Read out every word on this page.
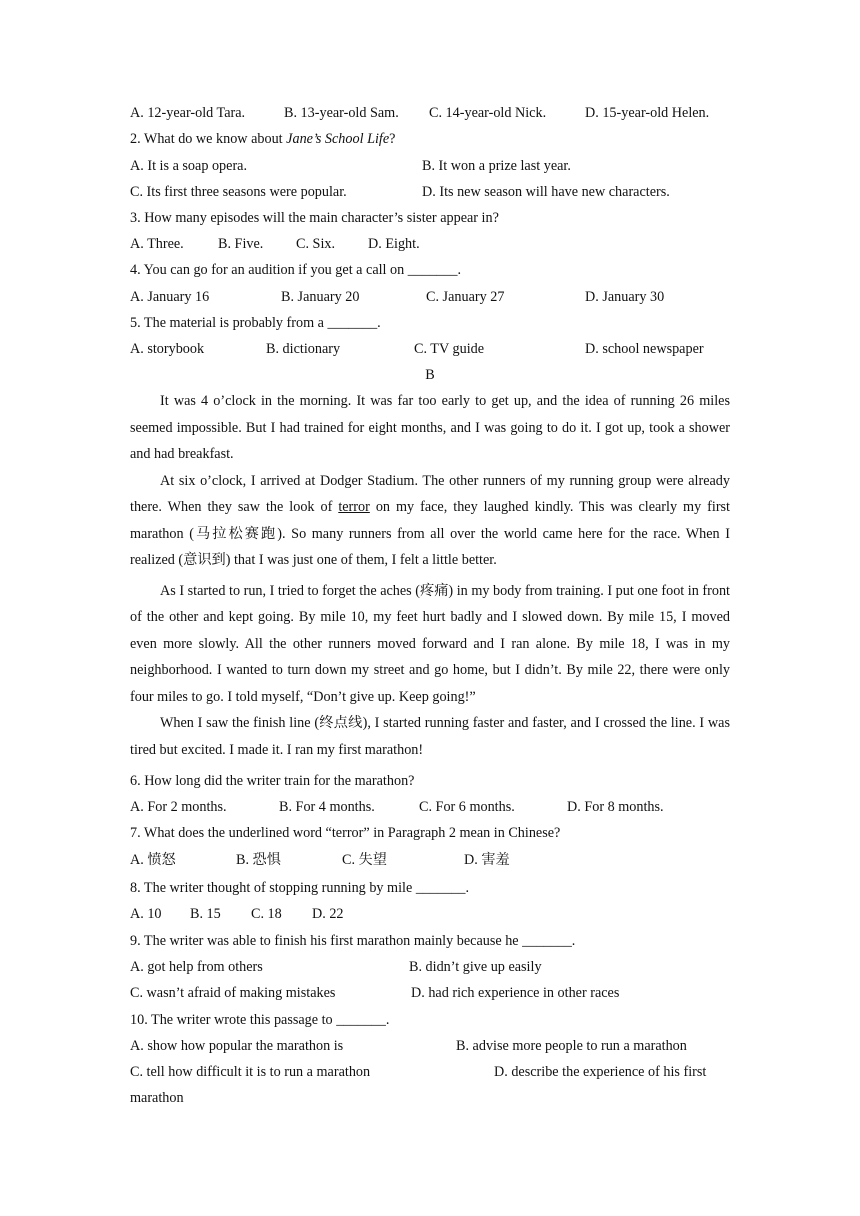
A. 12-year-old Tara.	B. 13-year-old Sam. C. 14-year-old Nick.	D. 15-year-old Helen.
2. What do we know about Jane’s School Life?
A. It is a soap opera.	B. It won a prize last year.
C. Its first three seasons were popular.	D. Its new season will have new characters.
3. How many episodes will the main character’s sister appear in?
A. Three. B. Five. C. Six. D. Eight.
4. You can go for an audition if you get a call on _______.
A. January 16	B. January 20	C. January 27	D. January 30
5. The material is probably from a _______.
A. storybook	B. dictionary	C. TV guide	D. school newspaper
B

It was 4 o’clock in the morning. It was far too early to get up, and the idea of running 26 miles seemed impossible. But I had trained for eight months, and I was going to do it. I got up, took a shower and had breakfast.

At six o’clock, I arrived at Dodger Stadium. The other runners of my running group were already there. When they saw the look of terror on my face, they laughed kindly. This was clearly my first marathon (马拉松赛跑). So many runners from all over the world came here for the race. When I realized (意识到) that I was just one of them, I felt a little better.

As I started to run, I tried to forget the aches (疼痛) in my body from training. I put one foot in front of the other and kept going. By mile 10, my feet hurt badly and I slowed down. By mile 15, I moved even more slowly. All the other runners moved forward and I ran alone. By mile 18, I was in my neighborhood. I wanted to turn down my street and go home, but I didn’t. By mile 22, there were only four miles to go. I told myself, “Don’t give up. Keep going!”

When I saw the finish line (终点线), I started running faster and faster, and I crossed the line. I was tired but excited. I made it. I ran my first marathon!

6. How long did the writer train for the marathon?
A. For 2 months.	B. For 4 months.	C. For 6 months.	D. For 8 months.
7. What does the underlined word “terror” in Paragraph 2 mean in Chinese?
A. 愤怒	B. 恐惧	C. 失望	D. 害羞
8. The writer thought of stopping running by mile _______.
A. 10 B. 15 C. 18 D. 22
9. The writer was able to finish his first marathon mainly because he _______.
A. got help from others	B. didn’t give up easily
C. wasn’t afraid of making mistakes	D. had rich experience in other races
10. The writer wrote this passage to _______.
A. show how popular the marathon is	B. advise more people to run a marathon
C. tell how difficult it is to run a marathon	D. describe the experience of his first
marathon
